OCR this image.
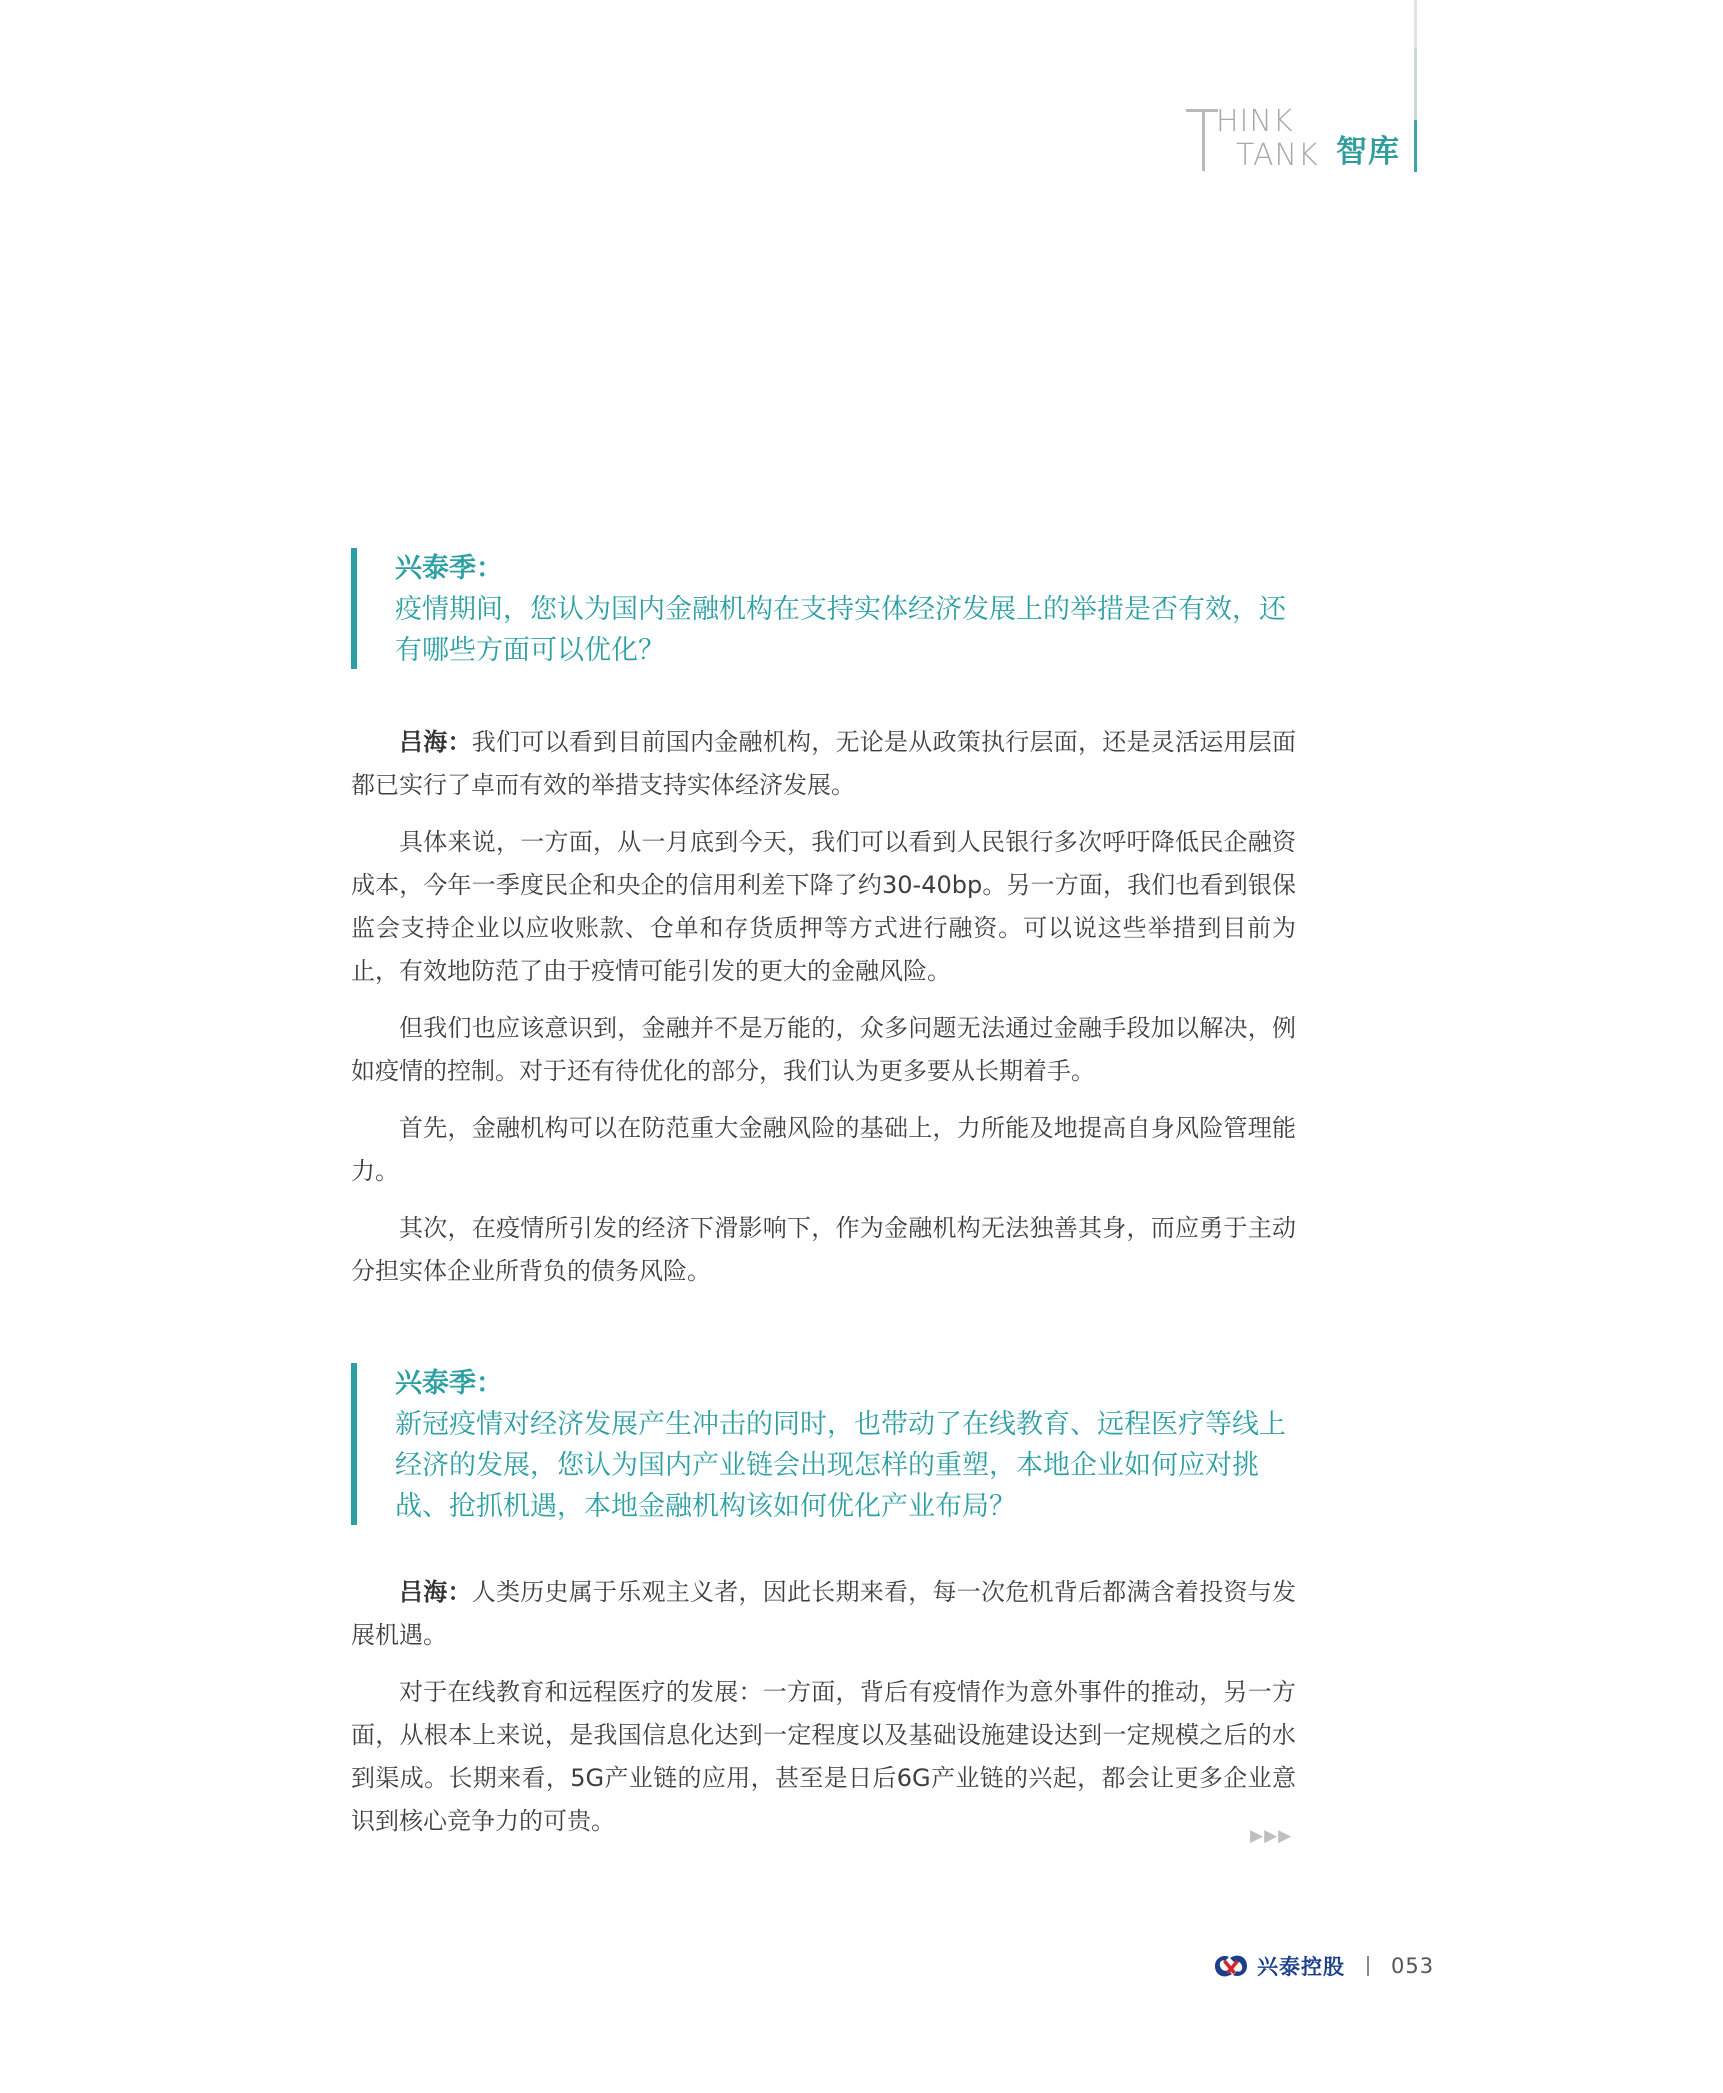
HINK
TANK 智库
兴泰季：
疫情期间，您认为国内金融机构在支持实体经济发展上的举措是否有效，还有哪些方面可以优化？

吕海：我们可以看到目前国内金融机构，无论是从政策执行层面，还是灵活运用层面都已实行了卓而有效的举措支持实体经济发展。

具体来说，一方面，从一月底到今天，我们可以看到人民银行多次呼吁降低民企融资成本，今年一季度民企和央企的信用利差下降了约30-40bp。另一方面，我们也看到银保监会支持企业以应收账款、仓单和存货质押等方式进行融资。可以说这些举措到目前为止，有效地防范了由于疫情可能引发的更大的金融风险。

但我们也应该意识到，金融并不是万能的，众多问题无法通过金融手段加以解决，例如疫情的控制。对于还有待优化的部分，我们认为更多要从长期着手。

首先，金融机构可以在防范重大金融风险的基础上，力所能及地提高自身风险管理能力。

其次，在疫情所引发的经济下滑影响下，作为金融机构无法独善其身，而应勇于主动分担实体企业所背负的债务风险。

兴泰季：
新冠疫情对经济发展产生冲击的同时，也带动了在线教育、远程医疗等线上经济的发展，您认为国内产业链会出现怎样的重塑，本地企业如何应对挑战、抢抓机遇，本地金融机构该如何优化产业布局？

吕海：人类历史属于乐观主义者，因此长期来看，每一次危机背后都满含着投资与发展机遇。

对于在线教育和远程医疗的发展：一方面，背后有疫情作为意外事件的推动，另一方面，从根本上来说，是我国信息化达到一定程度以及基础设施建设达到一定规模之后的水到渠成。长期来看，5G产业链的应用，甚至是日后6G产业链的兴起，都会让更多企业意识到核心竞争力的可贵。

▶▶▶
兴泰控股 053
